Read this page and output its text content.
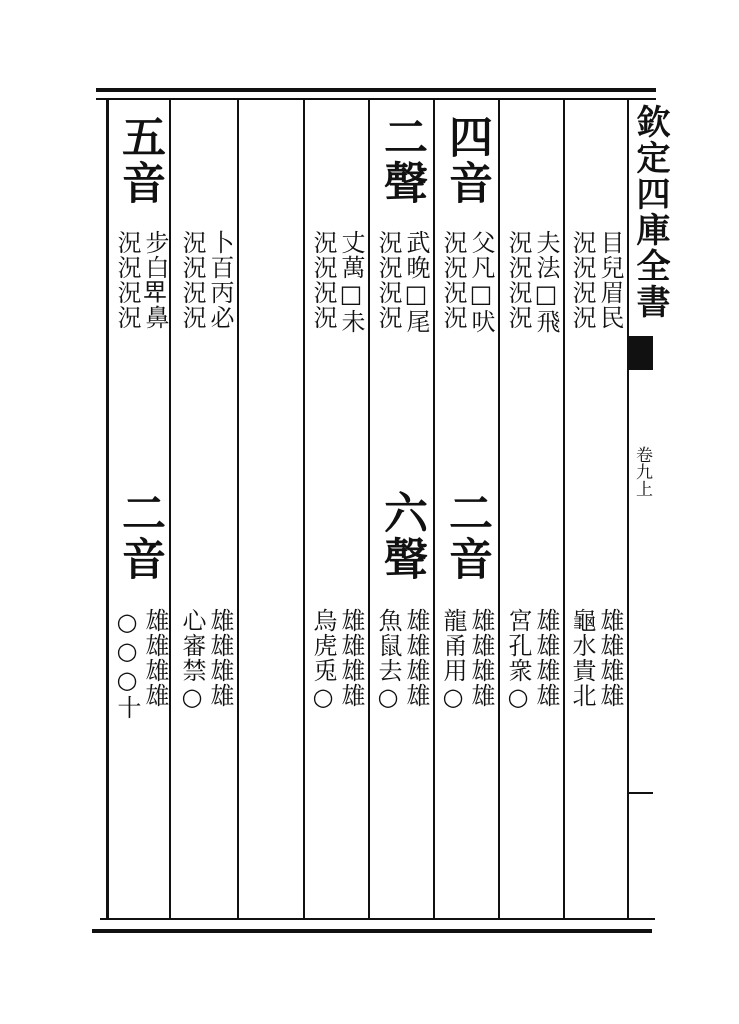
欽定四庫全書
卷九上
目兒眉民
況況況況
雄雄雄雄
龜水貴北
夫法□飛
況況況況
雄雄雄雄
宮孔衆○
四音
父凡□吠
況況況況
二音
雄雄雄雄
龍甬用○
二聲
武晚□尾
況況況況
六聲
雄雄雄雄
魚鼠去○
丈萬□未
況況況況
雄雄雄雄
烏虎兎○
卜百丙必
況況況況
雄雄雄雄
心審禁○
五音
步白𤰞鼻
況況況況
二音
雄雄雄雄
○○○十
